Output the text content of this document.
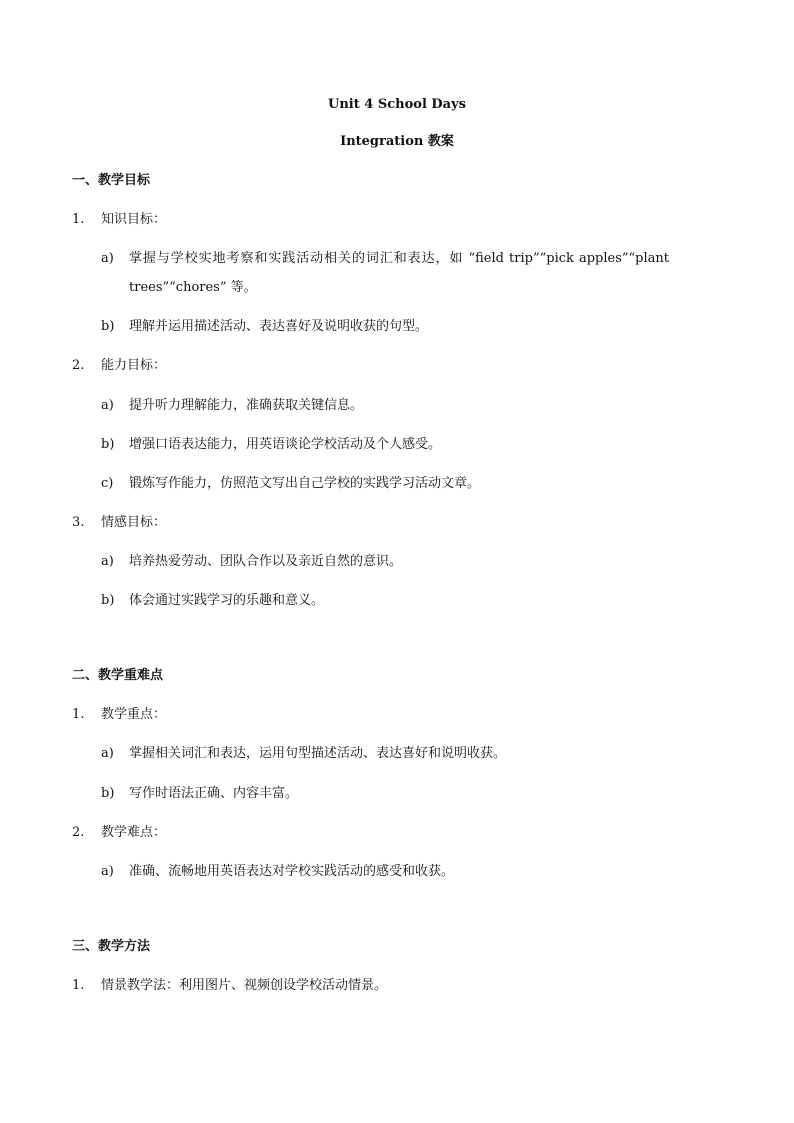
Unit 4 School Days
Integration 教案
一、教学目标
1. 知识目标：
a) 掌握与学校实地考察和实践活动相关的词汇和表达，如 “field trip”“pick apples”“plant
trees”“chores” 等。
b) 理解并运用描述活动、表达喜好及说明收获的句型。
2. 能力目标：
a) 提升听力理解能力，准确获取关键信息。
b) 增强口语表达能力，用英语谈论学校活动及个人感受。
c) 锻炼写作能力，仿照范文写出自己学校的实践学习活动文章。
3. 情感目标：
a) 培养热爱劳动、团队合作以及亲近自然的意识。
b) 体会通过实践学习的乐趣和意义。
二、教学重难点
1. 教学重点：
a) 掌握相关词汇和表达，运用句型描述活动、表达喜好和说明收获。
b) 写作时语法正确、内容丰富。
2. 教学难点：
a) 准确、流畅地用英语表达对学校实践活动的感受和收获。
三、教学方法
1. 情景教学法：利用图片、视频创设学校活动情景。
